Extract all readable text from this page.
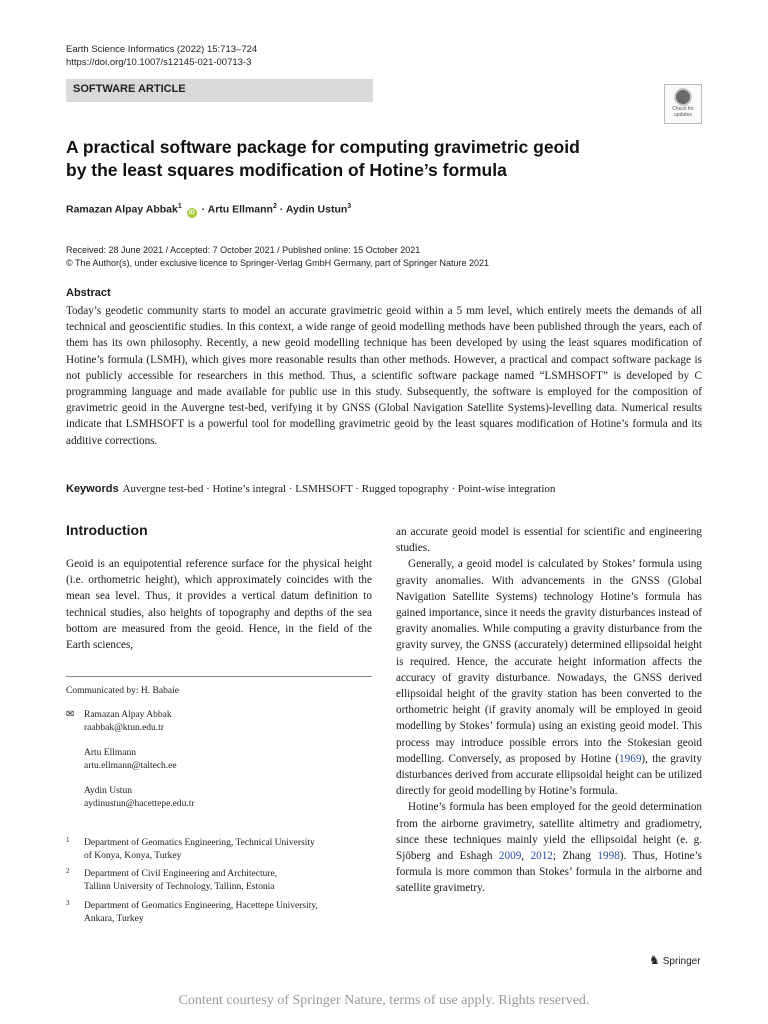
Earth Science Informatics (2022) 15:713–724
https://doi.org/10.1007/s12145-021-00713-3
SOFTWARE ARTICLE
Check for
updates
A practical software package for computing gravimetric geoid
by the least squares modification of Hotine’s formula
Ramazan Alpay Abbak$^1$ iD · Artu Ellmann$^2$ · Aydin Ustun$^3$
Received: 28 June 2021 / Accepted: 7 October 2021 / Published online: 15 October 2021
© The Author(s), under exclusive licence to Springer-Verlag GmbH Germany, part of Springer Nature 2021
Abstract
Today’s geodetic community starts to model an accurate gravimetric geoid within a 5 mm level, which entirely meets the demands of all technical and geoscientific studies. In this context, a wide range of geoid modelling methods have been published through the years, each of them has its own philosophy. Recently, a new geoid modelling technique has been developed by using the least squares modification of Hotine’s formula (LSMH), which gives more reasonable results than other methods. However, a practical and compact software package is not publicly accessible for researchers in this method. Thus, a scientific software package named “LSMHSOFT” is developed by C programming language and made available for public use in this study. Subsequently, the software is employed for the composition of gravimetric geoid in the Auvergne test-bed, verifying it by GNSS (Global Navigation Satellite Systems)-levelling data. Numerical results indicate that LSMHSOFT is a powerful tool for modelling gravimetric geoid by the least squares modification of Hotine’s formula and its additive corrections.
Keywords Auvergne test-bed · Hotine’s integral · LSMHSOFT · Rugged topography · Point-wise integration
Introduction

Geoid is an equipotential reference surface for the physical height (i.e. orthometric height), which approximately coincides with the mean sea level. Thus, it provides a vertical datum definition to technical studies, also heights of topography and depths of the sea bottom are measured from the geoid. Hence, in the field of the Earth sciences,

an accurate geoid model is essential for scientific and engineering studies.

Generally, a geoid model is calculated by Stokes’ formula using gravity anomalies. With advancements in the GNSS (Global Navigation Satellite Systems) technology Hotine’s formula has gained importance, since it needs the gravity disturbances instead of gravity anomalies. While computing a gravity disturbance from the gravity survey, the GNSS (accurately) determined ellipsoidal height is required. Hence, the accurate height information affects the accuracy of gravity disturbance. Nowadays, the GNSS derived ellipsoidal height of the gravity station has been converted to the orthometric height (if gravity anomaly will be employed in geoid modelling by Stokes’ formula) using an existing geoid model. This process may introduce possible errors into the Stokesian geoid modelling. Conversely, as proposed by Hotine (1969), the gravity disturbances derived from accurate ellipsoidal height can be utilized directly for geoid modelling by Hotine’s formula.

Hotine’s formula has been employed for the geoid determination from the airborne gravimetry, satellite altimetry and gradiometry, since these techniques mainly yield the ellipsoidal height (e. g. Sjöberg and Eshagh 2009, 2012; Zhang 1998). Thus, Hotine’s formula is more common than Stokes’ formula in the airborne and satellite gravimetry.

Communicated by: H. Babaie
✉ Ramazan Alpay Abbak
raabbak@ktun.edu.tr
Artu Ellmann
artu.ellmann@taltech.ee
Aydin Ustun
aydinustun@hacettepe.edu.tr
1 Department of Geomatics Engineering, Technical University
of Konya, Konya, Turkey
2 Department of Civil Engineering and Architecture,
Tallinn University of Technology, Tallinn, Estonia
3 Department of Geomatics Engineering, Hacettepe University,
Ankara, Turkey
♞ Springer
Content courtesy of Springer Nature, terms of use apply. Rights reserved.
